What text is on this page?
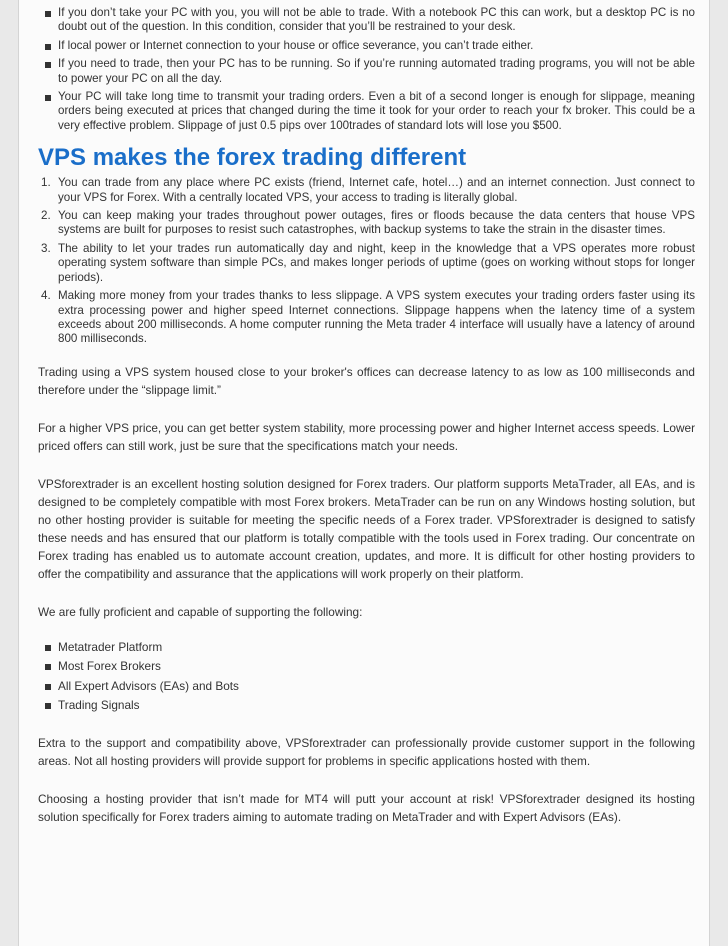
If you don’t take your PC with you, you will not be able to trade. With a notebook PC this can work, but a desktop PC is no doubt out of the question. In this condition, consider that you’ll be restrained to your desk.
If local power or Internet connection to your house or office severance, you can’t trade either.
If you need to trade, then your PC has to be running. So if you’re running automated trading programs, you will not be able to power your PC on all the day.
Your PC will take long time to transmit your trading orders. Even a bit of a second longer is enough for slippage, meaning orders being executed at prices that changed during the time it took for your order to reach your fx broker. This could be a very effective problem. Slippage of just 0.5 pips over 100trades of standard lots will lose you $500.
VPS makes the forex trading different
1. You can trade from any place where PC exists (friend, Internet cafe, hotel…) and an internet connection. Just connect to your VPS for Forex. With a centrally located VPS, your access to trading is literally global.
2. You can keep making your trades throughout power outages, fires or floods because the data centers that house VPS systems are built for purposes to resist such catastrophes, with backup systems to take the strain in the disaster times.
3. The ability to let your trades run automatically day and night, keep in the knowledge that a VPS operates more robust operating system software than simple PCs, and makes longer periods of uptime (goes on working without stops for longer periods).
4. Making more money from your trades thanks to less slippage. A VPS system executes your trading orders faster using its extra processing power and higher speed Internet connections. Slippage happens when the latency time of a system exceeds about 200 milliseconds. A home computer running the Meta trader 4 interface will usually have a latency of around 800 milliseconds.

Trading using a VPS system housed close to your broker's offices can decrease latency to as low as 100 milliseconds and therefore under the “slippage limit.”

For a higher VPS price, you can get better system stability, more processing power and higher Internet access speeds. Lower priced offers can still work, just be sure that the specifications match your needs.

VPSforextrader is an excellent hosting solution designed for Forex traders. Our platform supports MetaTrader, all EAs, and is designed to be completely compatible with most Forex brokers. MetaTrader can be run on any Windows hosting solution, but no other hosting provider is suitable for meeting the specific needs of a Forex trader. VPSforextrader is designed to satisfy these needs and has ensured that our platform is totally compatible with the tools used in Forex trading. Our concentrate on Forex trading has enabled us to automate account creation, updates, and more. It is difficult for other hosting providers to offer the compatibility and assurance that the applications will work properly on their platform.

We are fully proficient and capable of supporting the following:

Metatrader Platform
Most Forex Brokers
All Expert Advisors (EAs) and Bots
Trading Signals

Extra to the support and compatibility above, VPSforextrader can professionally provide customer support in the following areas. Not all hosting providers will provide support for problems in specific applications hosted with them.

Choosing a hosting provider that isn’t made for MT4 will putt your account at risk! VPSforextrader designed its hosting solution specifically for Forex traders aiming to automate trading on MetaTrader and with Expert Advisors (EAs).
